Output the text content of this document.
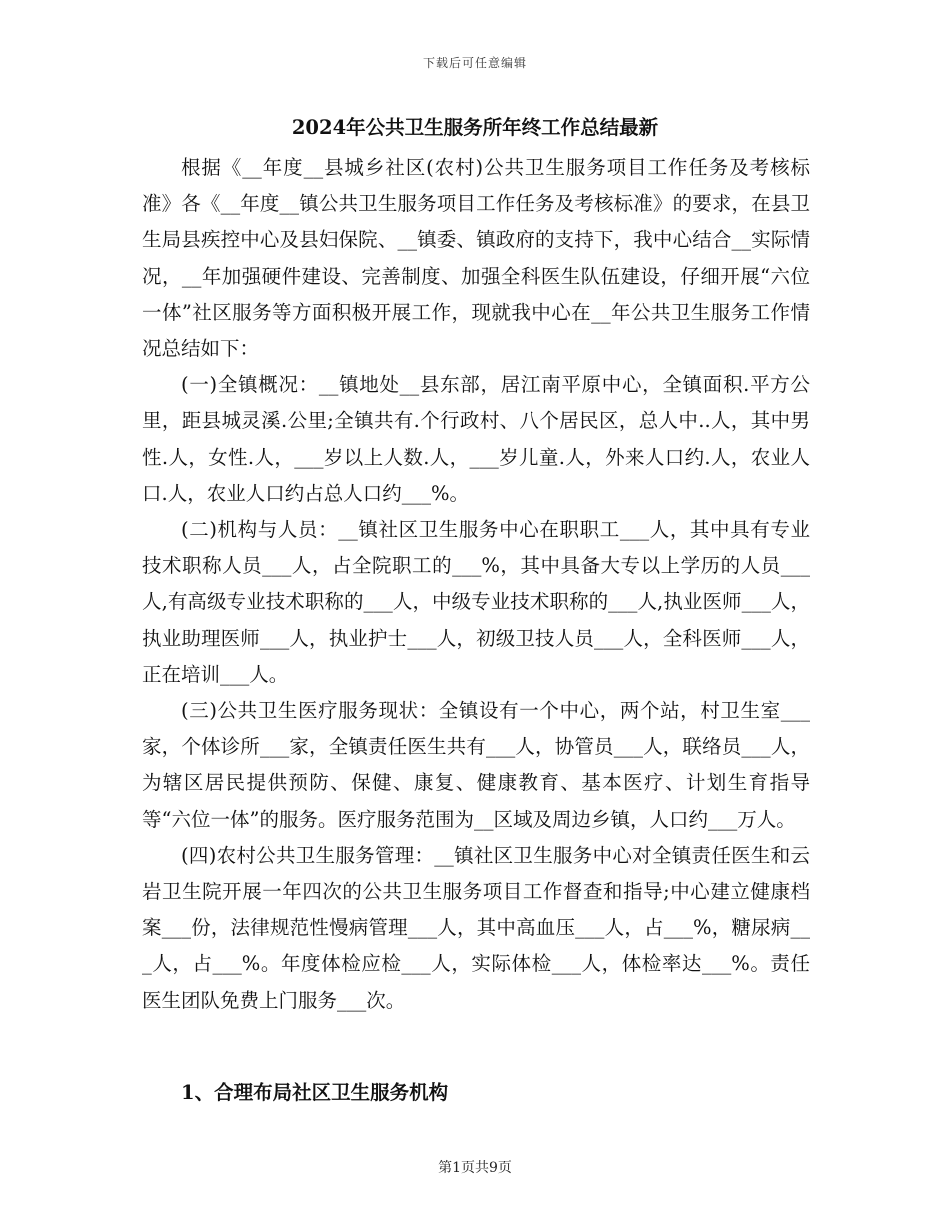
下载后可任意编辑
2024年公共卫生服务所年终工作总结最新

根据《__年度__县城乡社区(农村)公共卫生服务项目工作任务及考核标准》各《__年度__镇公共卫生服务项目工作任务及考核标准》的要求，在县卫生局县疾控中心及县妇保院、__镇委、镇政府的支持下，我中心结合__实际情况，__年加强硬件建设、完善制度、加强全科医生队伍建设，仔细开展“六位一体”社区服务等方面积极开展工作，现就我中心在__年公共卫生服务工作情况总结如下：

(一)全镇概况：__镇地处__县东部，居江南平原中心，全镇面积.平方公里，距县城灵溪.公里;全镇共有.个行政村、八个居民区，总人中..人，其中男性.人，女性.人，___岁以上人数.人，___岁儿童.人，外来人口约.人，农业人口.人，农业人口约占总人口约___%。

(二)机构与人员：__镇社区卫生服务中心在职职工___人，其中具有专业技术职称人员___人，占全院职工的___%，其中具备大专以上学历的人员___人,有高级专业技术职称的___人，中级专业技术职称的___人,执业医师___人，执业助理医师___人，执业护士___人，初级卫技人员___人，全科医师___人，正在培训___人。

(三)公共卫生医疗服务现状：全镇设有一个中心，两个站，村卫生室___家，个体诊所___家，全镇责任医生共有___人，协管员___人，联络员___人，为辖区居民提供预防、保健、康复、健康教育、基本医疗、计划生育指导等“六位一体”的服务。医疗服务范围为__区域及周边乡镇，人口约___万人。

(四)农村公共卫生服务管理：__镇社区卫生服务中心对全镇责任医生和云岩卫生院开展一年四次的公共卫生服务项目工作督查和指导;中心建立健康档案___份，法律规范性慢病管理___人，其中高血压___人，占___%，糖尿病___人，占___%。年度体检应检___人，实际体检___人，体检率达___%。责任医生团队免费上门服务___次。

1、合理布局社区卫生服务机构
第1页共9页
